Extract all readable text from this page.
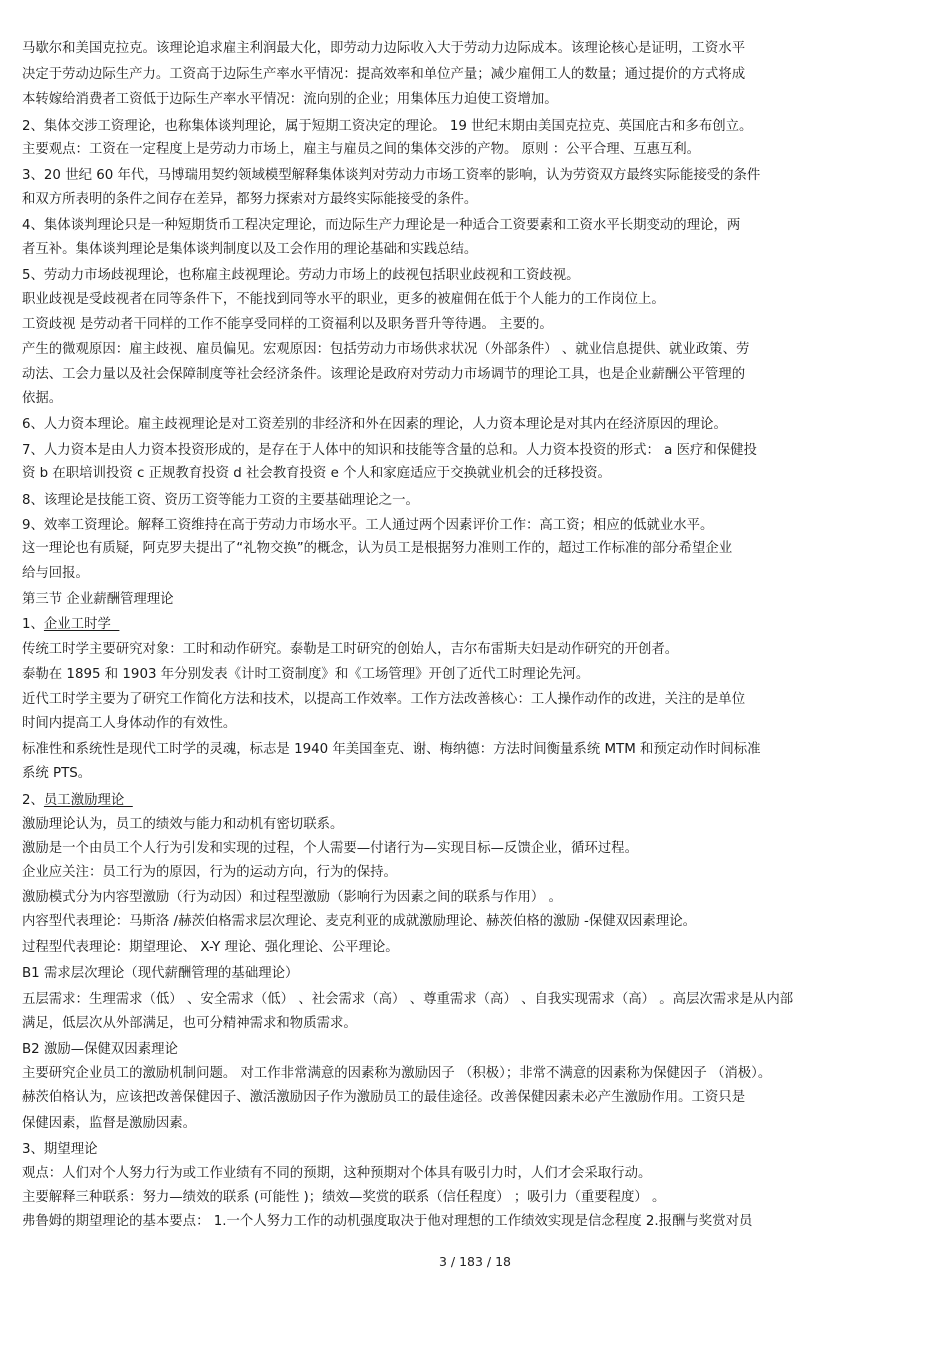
马歇尔和美国克拉克。该理论追求雇主利润最大化，即劳动力边际收入大于劳动力边际成本。该理论核心是证明，工资水平
决定于劳动边际生产力。工资高于边际生产率水平情况：提高效率和单位产量；减少雇佣工人的数量；通过提价的方式将成
本转嫁给消费者工资低于边际生产率水平情况：流向别的企业；用集体压力迫使工资增加。
2、集体交涉工资理论，也称集体谈判理论，属于短期工资决定的理论。 19 世纪末期由美国克拉克、英国庇古和多布创立。
主要观点：工资在一定程度上是劳动力市场上，雇主与雇员之间的集体交涉的产物。 原则 ：公平合理、互惠互利。
3、20 世纪 60 年代，马博瑞用契约领域模型解释集体谈判对劳动力市场工资率的影响，认为劳资双方最终实际能接受的条件
和双方所表明的条件之间存在差异，都努力探索对方最终实际能接受的条件。
4、集体谈判理论只是一种短期货币工程决定理论，而边际生产力理论是一种适合工资要素和工资水平长期变动的理论，两
者互补。集体谈判理论是集体谈判制度以及工会作用的理论基础和实践总结。
5、劳动力市场歧视理论，也称雇主歧视理论。劳动力市场上的歧视包括职业歧视和工资歧视。
职业歧视是受歧视者在同等条件下，不能找到同等水平的职业，更多的被雇佣在低于个人能力的工作岗位上。
工资歧视 是劳动者干同样的工作不能享受同样的工资福利以及职务晋升等待遇。 主要的。
产生的微观原因：雇主歧视、雇员偏见。宏观原因：包括劳动力市场供求状况（外部条件） 、就业信息提供、就业政策、劳
动法、工会力量以及社会保障制度等社会经济条件。该理论是政府对劳动力市场调节的理论工具，也是企业薪酬公平管理的
依据。
6、人力资本理论。雇主歧视理论是对工资差别的非经济和外在因素的理论，人力资本理论是对其内在经济原因的理论。
7、人力资本是由人力资本投资形成的，是存在于人体中的知识和技能等含量的总和。人力资本投资的形式： a 医疗和保健投
资 b 在职培训投资 c 正规教育投资 d 社会教育投资 e 个人和家庭适应于交换就业机会的迁移投资。
8、该理论是技能工资、资历工资等能力工资的主要基础理论之一。
9、效率工资理论。解释工资维持在高于劳动力市场水平。工人通过两个因素评价工作：高工资；相应的低就业水平。
这一理论也有质疑，阿克罗夫提出了“礼物交换”的概念，认为员工是根据努力准则工作的，超过工作标准的部分希望企业
给与回报。
第三节 企业薪酬管理理论
1、企业工时学
传统工时学主要研究对象：工时和动作研究。泰勒是工时研究的创始人，吉尔布雷斯夫妇是动作研究的开创者。
泰勒在 1895 和 1903 年分别发表《计时工资制度》和《工场管理》开创了近代工时理论先河。
近代工时学主要为了研究工作简化方法和技术，以提高工作效率。工作方法改善核心：工人操作动作的改进，关注的是单位
时间内提高工人身体动作的有效性。
标准性和系统性是现代工时学的灵魂，标志是 1940 年美国奎克、谢、梅纳德：方法时间衡量系统 MTM 和预定动作时间标准
系统 PTS。
2、员工激励理论
激励理论认为，员工的绩效与能力和动机有密切联系。
激励是一个由员工个人行为引发和实现的过程，个人需要—付诸行为—实现目标—反馈企业，循环过程。
企业应关注：员工行为的原因，行为的运动方向，行为的保持。
激励模式分为内容型激励（行为动因）和过程型激励（影响行为因素之间的联系与作用） 。
内容型代表理论：马斯洛 /赫茨伯格需求层次理论、麦克利亚的成就激励理论、赫茨伯格的激励 -保健双因素理论。
过程型代表理论：期望理论、 X-Y 理论、强化理论、公平理论。
B1 需求层次理论（现代薪酬管理的基础理论）
五层需求：生理需求（低） 、安全需求（低） 、社会需求（高） 、尊重需求（高） 、自我实现需求（高） 。高层次需求是从内部
满足，低层次从外部满足，也可分精神需求和物质需求。
B2 激励—保健双因素理论
主要研究企业员工的激励机制问题。 对工作非常满意的因素称为激励因子 （积极）；非常不满意的因素称为保健因子 （消极）。
赫茨伯格认为，应该把改善保健因子、激活激励因子作为激励员工的最佳途径。改善保健因素未必产生激励作用。工资只是
保健因素，监督是激励因素。
3、期望理论
观点：人们对个人努力行为或工作业绩有不同的预期，这种预期对个体具有吸引力时，人们才会采取行动。
主要解释三种联系：努力—绩效的联系 (可能性 )；绩效—奖赏的联系（信任程度） ；吸引力（重要程度） 。
弗鲁姆的期望理论的基本要点： 1.一个人努力工作的动机强度取决于他对理想的工作绩效实现是信念程度 2.报酬与奖赏对员
3 / 183 / 18
